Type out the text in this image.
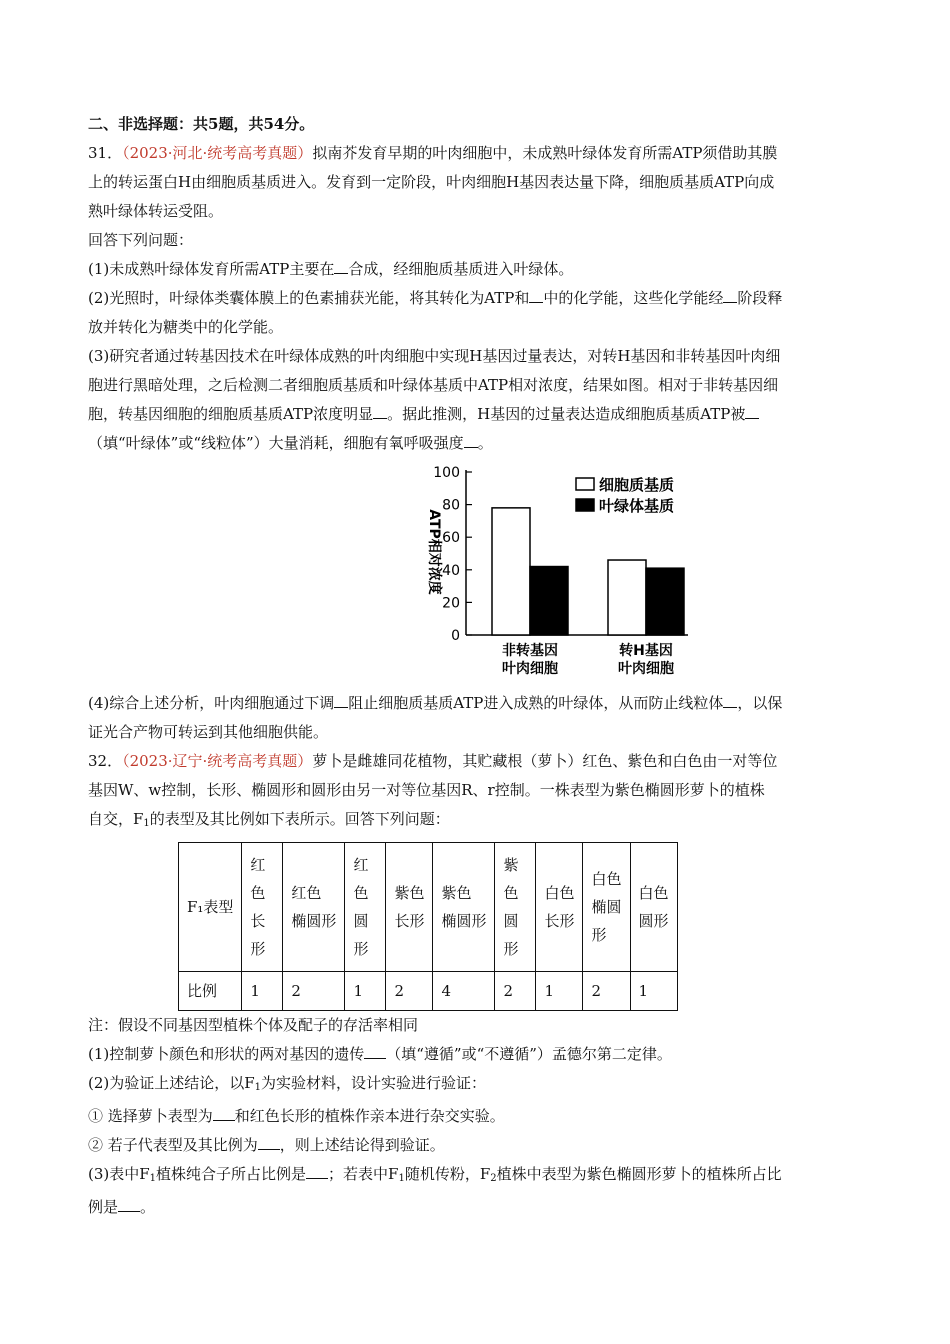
二、非选择题：共5题，共54分。

31．（2023·河北·统考高考真题）拟南芥发育早期的叶肉细胞中，未成熟叶绿体发育所需ATP须借助其膜

上的转运蛋白H由细胞质基质进入。发育到一定阶段，叶肉细胞H基因表达量下降，细胞质基质ATP向成

熟叶绿体转运受阻。

回答下列问题：

(1)未成熟叶绿体发育所需ATP主要在 合成，经细胞质基质进入叶绿体。

(2)光照时，叶绿体类囊体膜上的色素捕获光能，将其转化为ATP和 中的化学能，这些化学能经 阶段释

放并转化为糖类中的化学能。

(3)研究者通过转基因技术在叶绿体成熟的叶肉细胞中实现H基因过量表达，对转H基因和非转基因叶肉细

胞进行黑暗处理，之后检测二者细胞质基质和叶绿体基质中ATP相对浓度，结果如图。相对于非转基因细

胞，转基因细胞的细胞质基质ATP浓度明显 。据此推测，H基因的过量表达造成细胞质基质ATP被

（填“叶绿体”或“线粒体”）大量消耗，细胞有氧呼吸强度 。

0
20
40
60
80
100
ATP相对浓度
非转基因
叶肉细胞
转H基因
叶肉细胞
细胞质基质
叶绿体基质

(4)综合上述分析，叶肉细胞通过下调 阻止细胞质基质ATP进入成熟的叶绿体，从而防止线粒体 ，以保

证光合产物可转运到其他细胞供能。

32．（2023·辽宁·统考高考真题）萝卜是雌雄同花植物，其贮藏根（萝卜）红色、紫色和白色由一对等位

基因W、w控制，长形、椭圆形和圆形由另一对等位基因R、r控制。一株表型为紫色椭圆形萝卜的植株

自交，$F_1$的表型及其比例如下表所示。回答下列问题：

F₁表型	红
色
长
形	红色
椭圆形	红
色
圆
形	紫色
长形	紫色
椭圆形	紫
色
圆
形	白色
长形	白色
椭圆
形	白色
圆形
比例	1	2	1	2	4	2	1	2	1

注：假设不同基因型植株个体及配子的存活率相同

(1)控制萝卜颜色和形状的两对基因的遗传 （填“遵循”或“不遵循”）孟德尔第二定律。

(2)为验证上述结论，以$F_1$为实验材料，设计实验进行验证：

① 选择萝卜表型为 和红色长形的植株作亲本进行杂交实验。

② 若子代表型及其比例为 ，则上述结论得到验证。

(3)表中$F_1$植株纯合子所占比例是 ；若表中$F_1$随机传粉，$F_2$植株中表型为紫色椭圆形萝卜的植株所占比

例是 。
